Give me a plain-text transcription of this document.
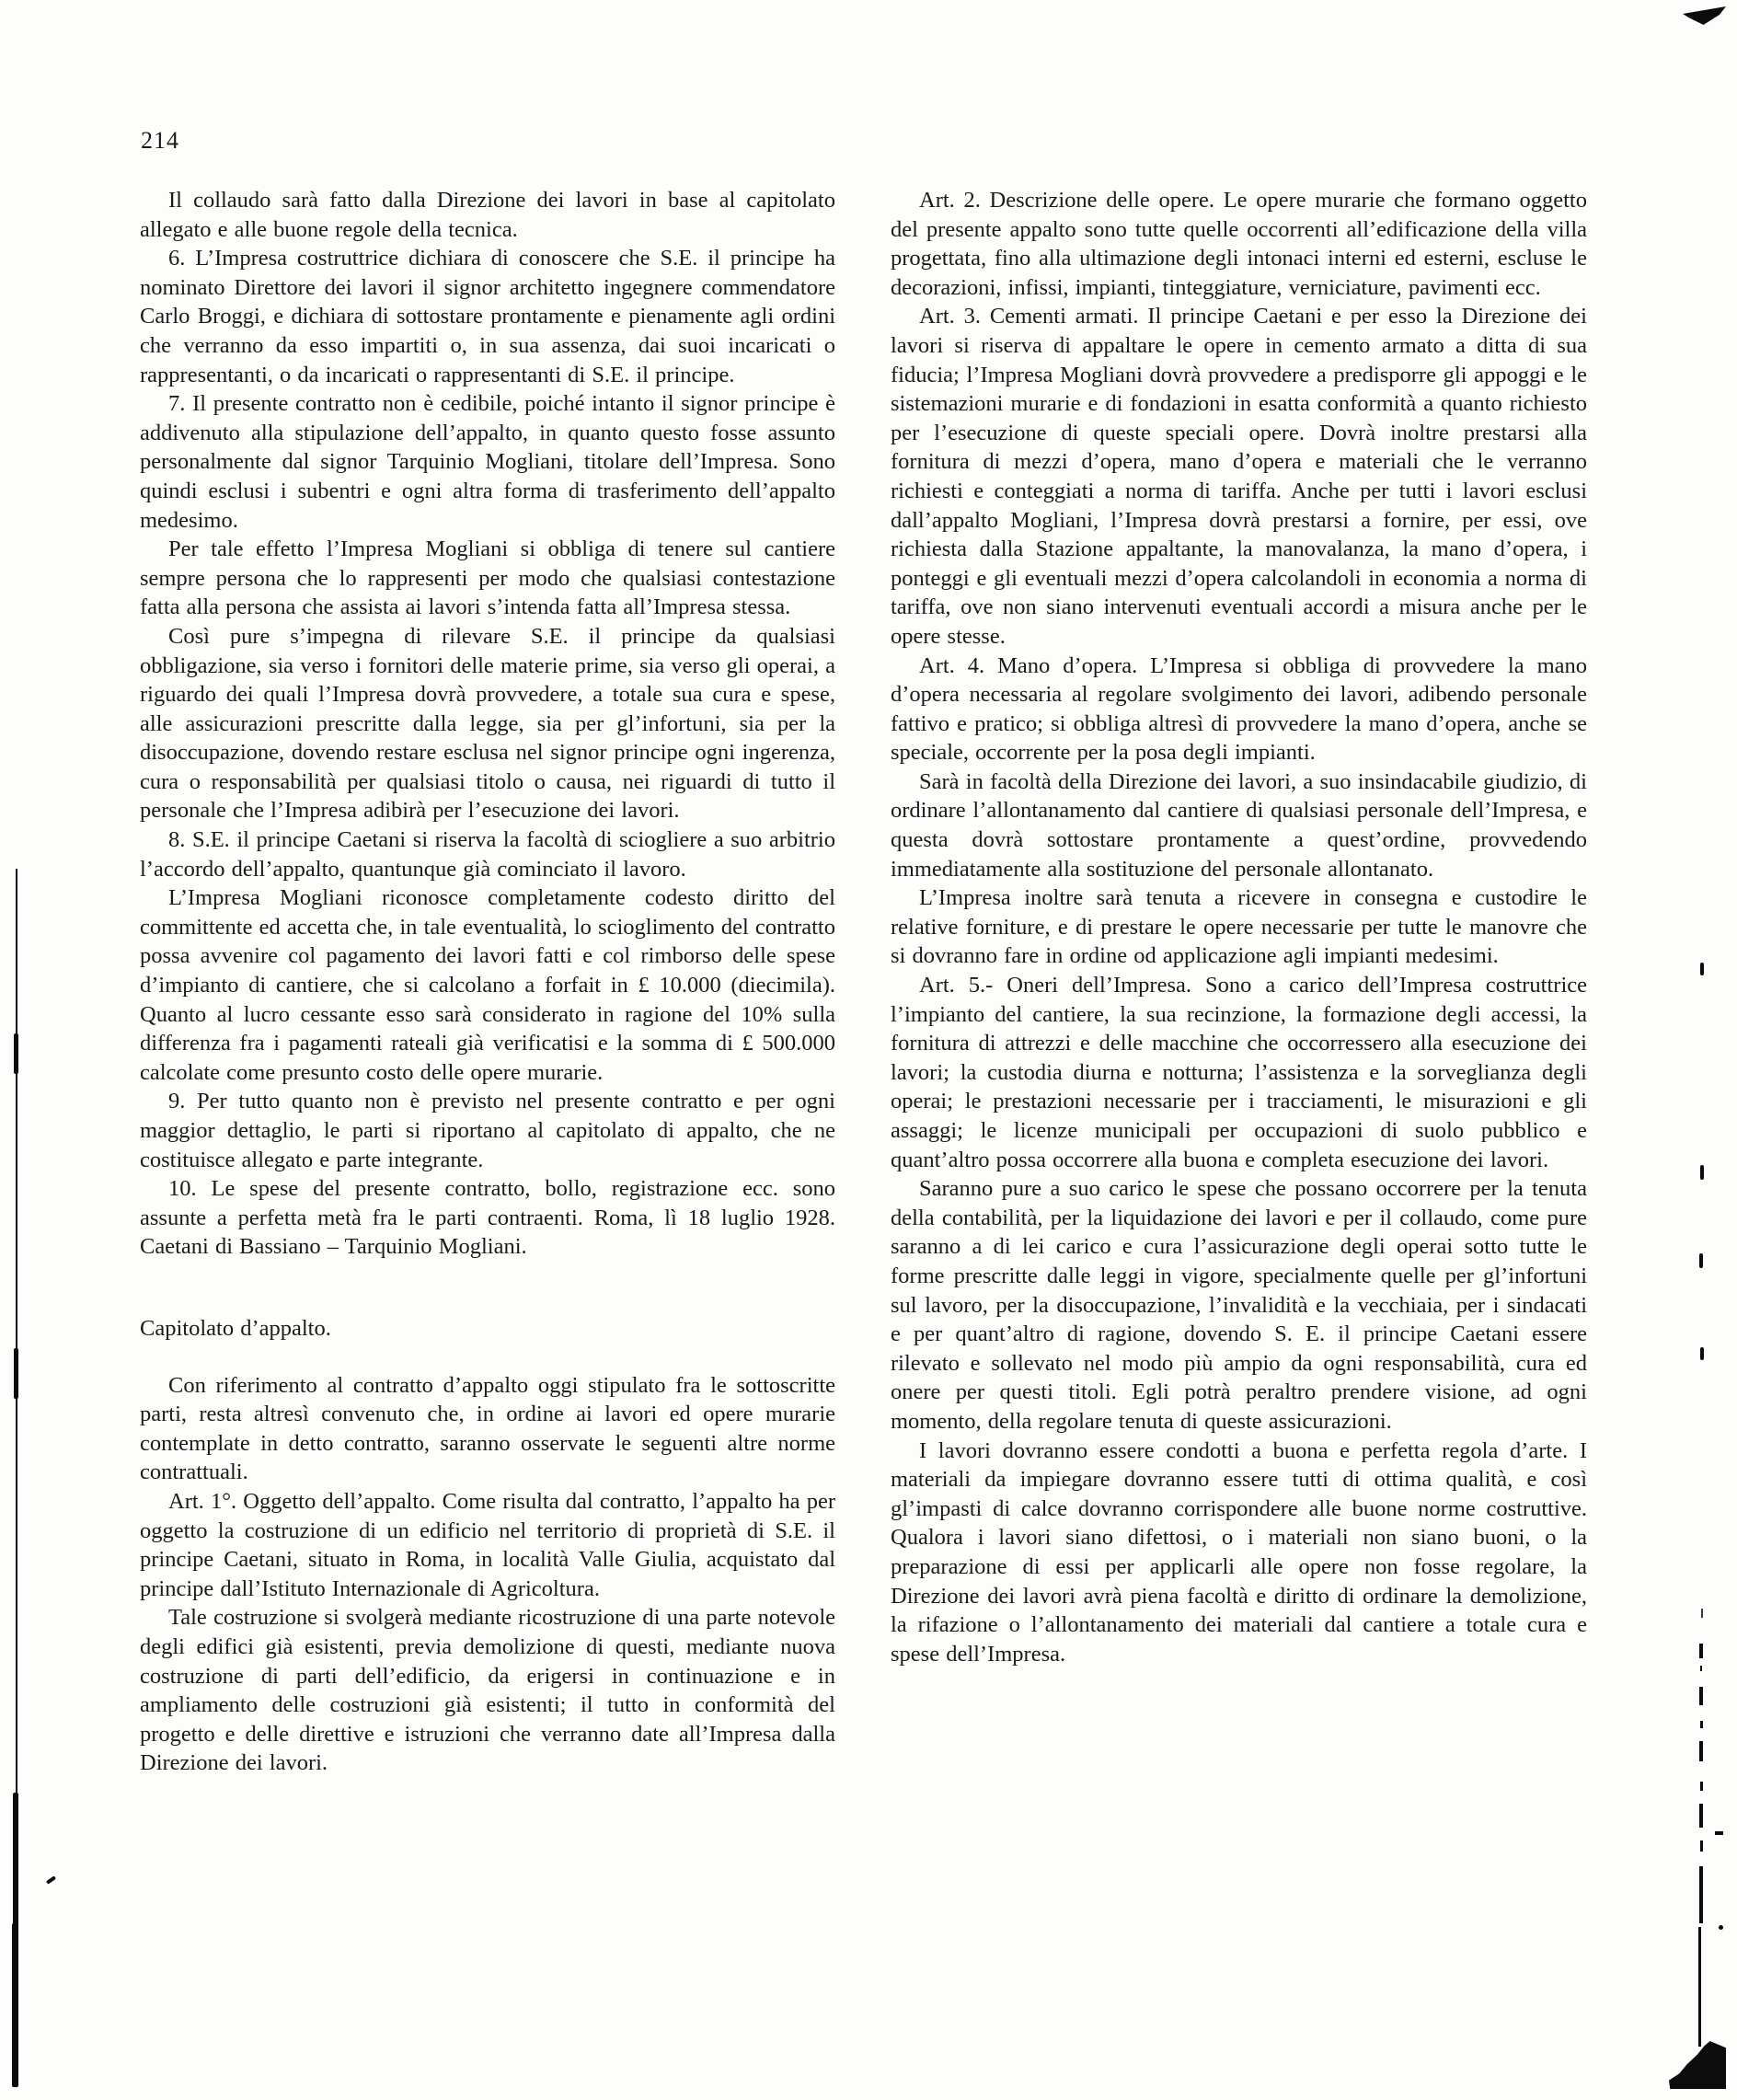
214

Il collaudo sarà fatto dalla Direzione dei lavori in base al capitolato allegato e alle buone regole della tecnica.

6. L’Impresa costruttrice dichiara di conoscere che S.E. il principe ha nominato Direttore dei lavori il signor architetto ingegnere commendatore Carlo Broggi, e dichiara di sottostare prontamente e pienamente agli ordini che verranno da esso impartiti o, in sua assenza, dai suoi incaricati o rappresentanti, o da incaricati o rappresentanti di S.E. il principe.

7. Il presente contratto non è cedibile, poiché intanto il signor principe è addivenuto alla stipulazione dell’appalto, in quanto questo fosse assunto personalmente dal signor Tarquinio Mogliani, titolare dell’Impresa. Sono quindi esclusi i subentri e ogni altra forma di trasferimento dell’appalto medesimo.

Per tale effetto l’Impresa Mogliani si obbliga di tenere sul cantiere sempre persona che lo rappresenti per modo che qualsiasi contestazione fatta alla persona che assista ai lavori s’intenda fatta all’Impresa stessa.

Così pure s’impegna di rilevare S.E. il principe da qualsiasi obbligazione, sia verso i fornitori delle materie prime, sia verso gli operai, a riguardo dei quali l’Impresa dovrà provvedere, a totale sua cura e spese, alle assicurazioni prescritte dalla legge, sia per gl’infortuni, sia per la disoccupazione, dovendo restare esclusa nel signor principe ogni ingerenza, cura o responsabilità per qualsiasi titolo o causa, nei riguardi di tutto il personale che l’Impresa adibirà per l’esecuzione dei lavori.

8. S.E. il principe Caetani si riserva la facoltà di sciogliere a suo arbitrio l’accordo dell’appalto, quantunque già cominciato il lavoro.

L’Impresa Mogliani riconosce completamente codesto diritto del committente ed accetta che, in tale eventualità, lo scioglimento del contratto possa avvenire col pagamento dei lavori fatti e col rimborso delle spese d’impianto di cantiere, che si calcolano a forfait in £ 10.000 (diecimila). Quanto al lucro cessante esso sarà considerato in ragione del 10% sulla differenza fra i pagamenti rateali già verificatisi e la somma di £ 500.000 calcolate come presunto costo delle opere murarie.

9. Per tutto quanto non è previsto nel presente contratto e per ogni maggior dettaglio, le parti si riportano al capitolato di appalto, che ne costituisce allegato e parte integrante.

10. Le spese del presente contratto, bollo, registrazione ecc. sono assunte a perfetta metà fra le parti contraenti. Roma, lì 18 luglio 1928. Caetani di Bassiano – Tarquinio Mogliani.

Capitolato d’appalto.

Con riferimento al contratto d’appalto oggi stipulato fra le sottoscritte parti, resta altresì convenuto che, in ordine ai lavori ed opere murarie contemplate in detto contratto, saranno osservate le seguenti altre norme contrattuali.

Art. 1°. Oggetto dell’appalto. Come risulta dal contratto, l’appalto ha per oggetto la costruzione di un edificio nel territorio di proprietà di S.E. il principe Caetani, situato in Roma, in località Valle Giulia, acquistato dal principe dall’Istituto Internazionale di Agricoltura.

Tale costruzione si svolgerà mediante ricostruzione di una parte notevole degli edifici già esistenti, previa demolizione di questi, mediante nuova costruzione di parti dell’edificio, da erigersi in continuazione e in ampliamento delle costruzioni già esistenti; il tutto in conformità del progetto e delle direttive e istruzioni che verranno date all’Impresa dalla Direzione dei lavori.

Art. 2. Descrizione delle opere. Le opere murarie che formano oggetto del presente appalto sono tutte quelle occorrenti all’edificazione della villa progettata, fino alla ultimazione degli intonaci interni ed esterni, escluse le decorazioni, infissi, impianti, tinteggiature, verniciature, pavimenti ecc.

Art. 3. Cementi armati. Il principe Caetani e per esso la Direzione dei lavori si riserva di appaltare le opere in cemento armato a ditta di sua fiducia; l’Impresa Mogliani dovrà provvedere a predisporre gli appoggi e le sistemazioni murarie e di fondazioni in esatta conformità a quanto richiesto per l’esecuzione di queste speciali opere. Dovrà inoltre prestarsi alla fornitura di mezzi d’opera, mano d’opera e materiali che le verranno richiesti e conteggiati a norma di tariffa. Anche per tutti i lavori esclusi dall’appalto Mogliani, l’Impresa dovrà prestarsi a fornire, per essi, ove richiesta dalla Stazione appaltante, la manovalanza, la mano d’opera, i ponteggi e gli eventuali mezzi d’opera calcolandoli in economia a norma di tariffa, ove non siano intervenuti eventuali accordi a misura anche per le opere stesse.

Art. 4. Mano d’opera. L’Impresa si obbliga di provvedere la mano d’opera necessaria al regolare svolgimento dei lavori, adibendo personale fattivo e pratico; si obbliga altresì di provvedere la mano d’opera, anche se speciale, occorrente per la posa degli impianti.

Sarà in facoltà della Direzione dei lavori, a suo insindacabile giudizio, di ordinare l’allontanamento dal cantiere di qualsiasi personale dell’Impresa, e questa dovrà sottostare prontamente a quest’ordine, provvedendo immediatamente alla sostituzione del personale allontanato.

L’Impresa inoltre sarà tenuta a ricevere in consegna e custodire le relative forniture, e di prestare le opere necessarie per tutte le manovre che si dovranno fare in ordine od applicazione agli impianti medesimi.

Art. 5.- Oneri dell’Impresa. Sono a carico dell’Impresa costruttrice l’impianto del cantiere, la sua recinzione, la formazione degli accessi, la fornitura di attrezzi e delle macchine che occorressero alla esecuzione dei lavori; la custodia diurna e notturna; l’assistenza e la sorveglianza degli operai; le prestazioni necessarie per i tracciamenti, le misurazioni e gli assaggi; le licenze municipali per occupazioni di suolo pubblico e quant’altro possa occorrere alla buona e completa esecuzione dei lavori.

Saranno pure a suo carico le spese che possano occorrere per la tenuta della contabilità, per la liquidazione dei lavori e per il collaudo, come pure saranno a di lei carico e cura l’assicurazione degli operai sotto tutte le forme prescritte dalle leggi in vigore, specialmente quelle per gl’infortuni sul lavoro, per la disoccupazione, l’invalidità e la vecchiaia, per i sindacati e per quant’altro di ragione, dovendo S. E. il principe Caetani essere rilevato e sollevato nel modo più ampio da ogni responsabilità, cura ed onere per questi titoli. Egli potrà peraltro prendere visione, ad ogni momento, della regolare tenuta di queste assicurazioni.

I lavori dovranno essere condotti a buona e perfetta regola d’arte. I materiali da impiegare dovranno essere tutti di ottima qualità, e così gl’impasti di calce dovranno corrispondere alle buone norme costruttive. Qualora i lavori siano difettosi, o i materiali non siano buoni, o la preparazione di essi per applicarli alle opere non fosse regolare, la Direzione dei lavori avrà piena facoltà e diritto di ordinare la demolizione, la rifazione o l’allontanamento dei materiali dal cantiere a totale cura e spese dell’Impresa.
